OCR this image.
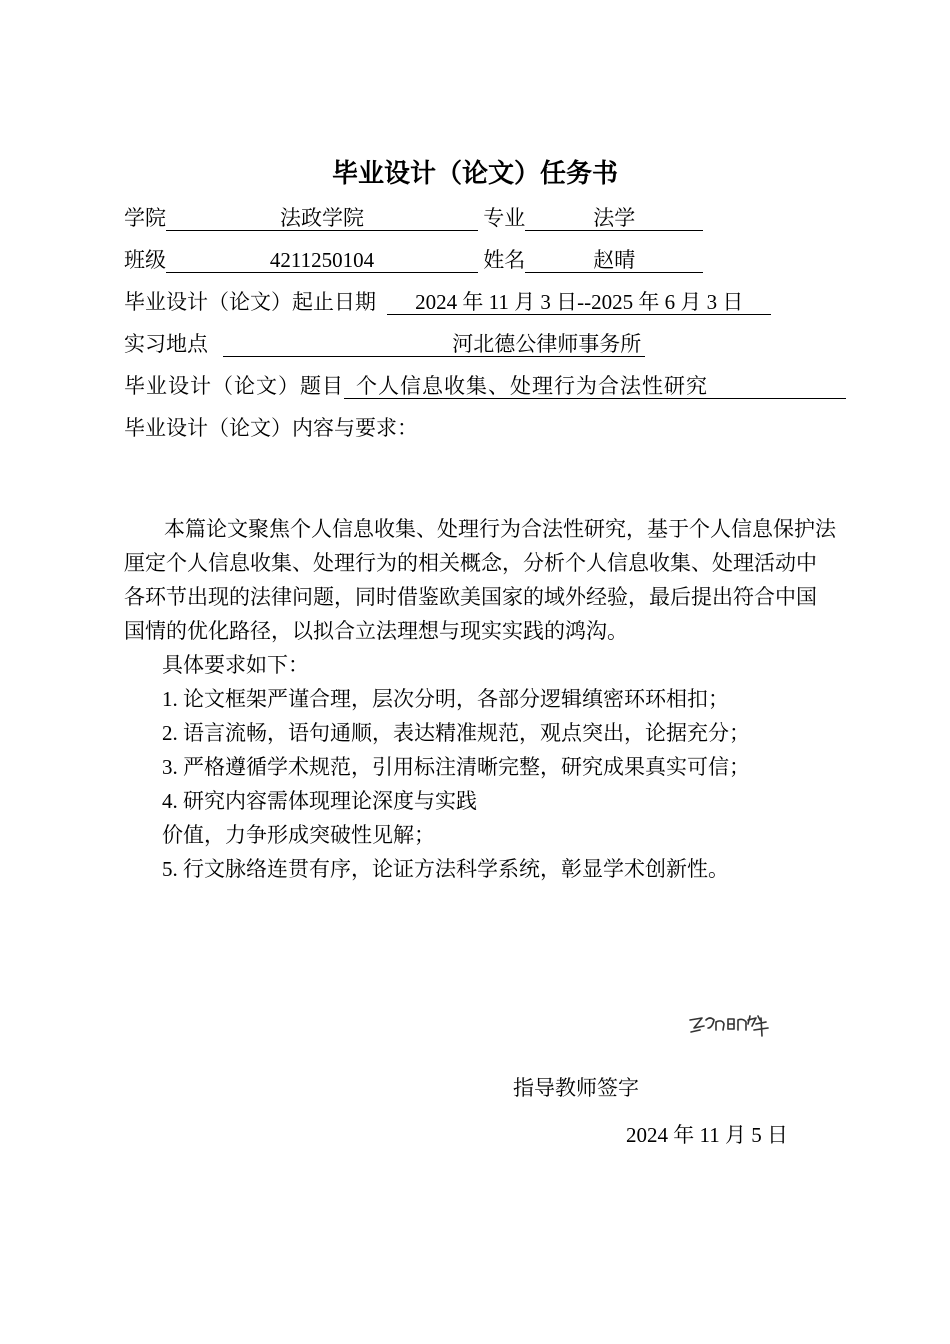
毕业设计（论文）任务书
学院	法政学院	专业	法学
班级	4211250104	姓名	赵晴
毕业设计（论文）起止日期 2024 年 11 月 3 日--2025 年 6 月 3 日
实习地点	河北德公律师事务所
毕业设计（论文）题目 个人信息收集、处理行为合法性研究
毕业设计（论文）内容与要求：

本篇论文聚焦个人信息收集、处理行为合法性研究，基于个人信息保护法厘定个人信息收集、处理行为的相关概念，分析个人信息收集、处理活动中各环节出现的法律问题，同时借鉴欧美国家的域外经验，最后提出符合中国国情的优化路径，以拟合立法理想与现实实践的鸿沟。

具体要求如下：

1. 论文框架严谨合理，层次分明，各部分逻辑缜密环环相扣；

2. 语言流畅，语句通顺，表达精准规范，观点突出，论据充分；

3. 严格遵循学术规范，引用标注清晰完整，研究成果真实可信；

4. 研究内容需体现理论深度与实践

价值，力争形成突破性见解；

5. 行文脉络连贯有序，论证方法科学系统，彰显学术创新性。

指导教师签字
2024 年 11 月 5 日
